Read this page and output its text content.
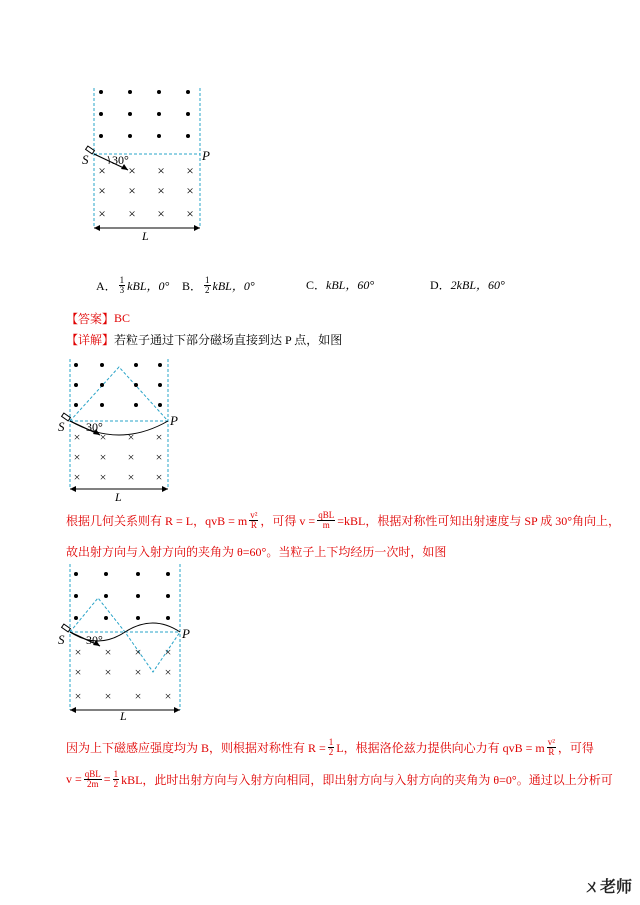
× × × ×
× × × ×
× × × ×
S	P
30°
L
A． $\frac{1}{3}$ kBL，0° B． $\frac{1}{2}$ kBL，0°	C． kBL，60°	D． 2kBL，60°
【答案】 BC
【详解】 若粒子通过下部分磁场直接到达 P 点，如图
× × × ×
× × × ×
× × × ×
S	P
30°
L
根据几何关系则有 R = L，qvB = m $\frac{\text{v²}}{R}$ ，可得 $v = \frac{\text{qBL}}{m} =kBL$，根据对称性可知出射速度与 SP 成 30°角向上，
故出射方向与入射方向的夹角为 θ=60°。当粒子上下均经历一次时，如图
× × × ×
× × × ×
× × × ×
S	P
30°
L
因为上下磁感应强度均为 B，则根据对称性有 $R = \frac{1}{2}$ L，根据洛伦兹力提供向心力有 qvB = m $\frac{\text{v²}}{R}$ ，可得
$v = \frac{\text{qBL}}{2m} = \frac{1}{2}$ kBL，此时出射方向与入射方向相同，即出射方向与入射方向的夹角为 θ=0°。通过以上分析可
ㄨ老师
